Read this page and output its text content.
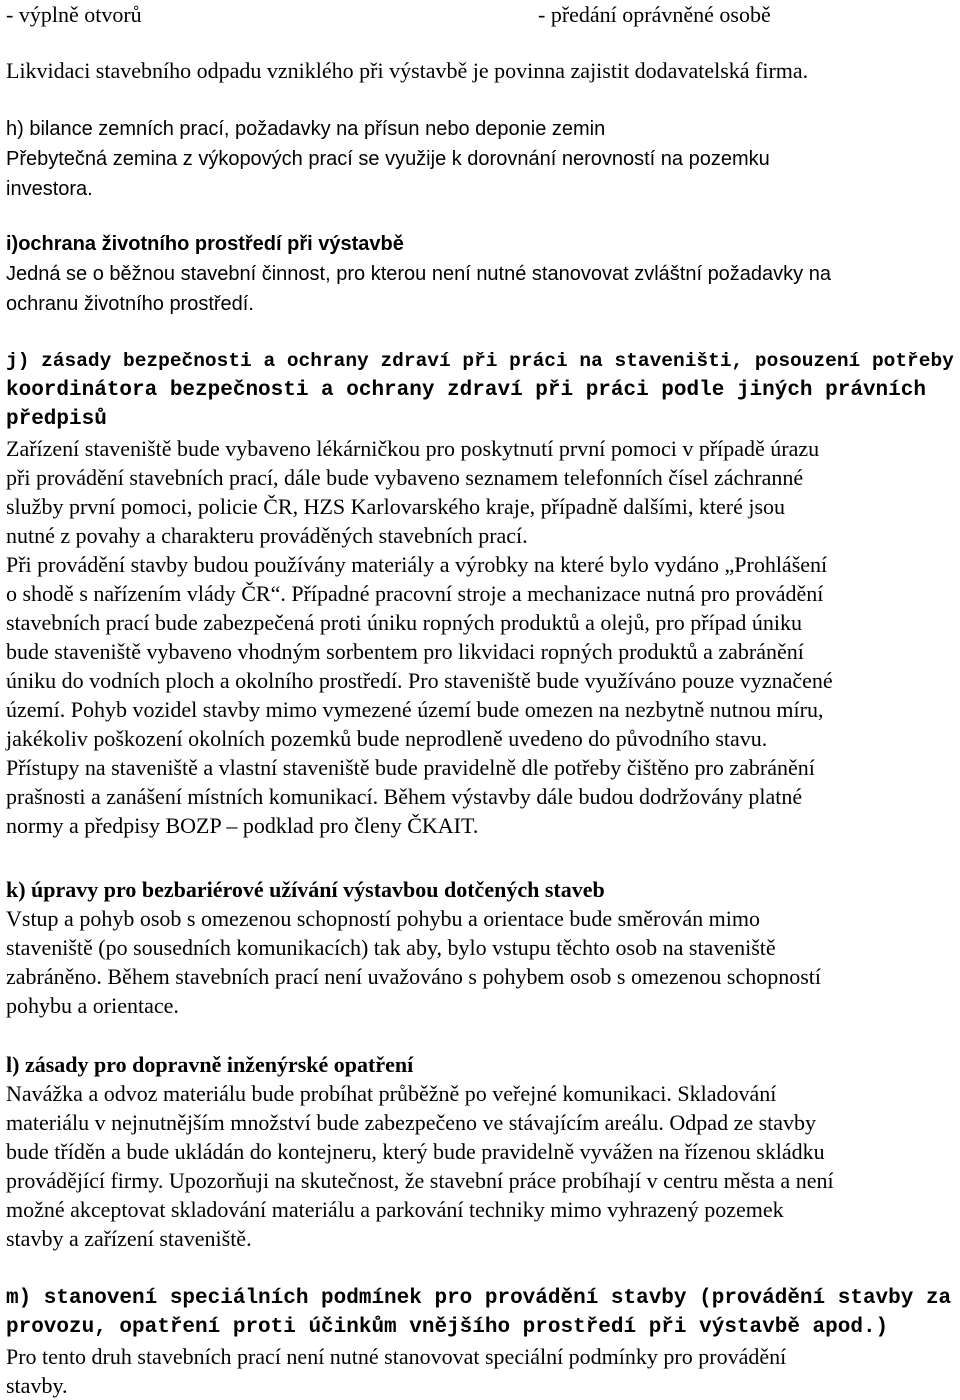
- výplně otvorů	- předání oprávněné osobě
Likvidaci stavebního odpadu vzniklého při výstavbě je povinna zajistit dodavatelská firma.
h) bilance zemních prací, požadavky na přísun nebo deponie zemin
Přebytečná zemina z výkopových prací se využije k dorovnání nerovností na pozemku
investora.
i)ochrana životního prostředí při výstavbě
Jedná se o běžnou stavební činnost, pro kterou není nutné stanovovat zvláštní požadavky na
ochranu životního prostředí.
j) zásady bezpečnosti a ochrany zdraví při práci na staveništi, posouzení potřeby
koordinátora bezpečnosti a ochrany zdraví při práci podle jiných právních
předpisů
Zařízení staveniště bude vybaveno lékárničkou pro poskytnutí první pomoci v případě úrazu
při provádění stavebních prací, dále bude vybaveno seznamem telefonních čísel záchranné
služby první pomoci, policie ČR, HZS Karlovarského kraje, případně dalšími, které jsou
nutné z povahy a charakteru prováděných stavebních prací.
Při provádění stavby budou používány materiály a výrobky na které bylo vydáno „Prohlášení
o shodě s nařízením vlády ČR“. Případné pracovní stroje a mechanizace nutná pro provádění
stavebních prací bude zabezpečená proti úniku ropných produktů a olejů, pro případ úniku
bude staveniště vybaveno vhodným sorbentem pro likvidaci ropných produktů a zabránění
úniku do vodních ploch a okolního prostředí. Pro staveniště bude využíváno pouze vyznačené
území. Pohyb vozidel stavby mimo vymezené území bude omezen na nezbytně nutnou míru,
jakékoliv poškození okolních pozemků bude neprodleně uvedeno do původního stavu.
Přístupy na staveniště a vlastní staveniště bude pravidelně dle potřeby čištěno pro zabránění
prašnosti a zanášení místních komunikací. Během výstavby dále budou dodržovány platné
normy a předpisy BOZP – podklad pro členy ČKAIT.
k) úpravy pro bezbariérové užívání výstavbou dotčených staveb
Vstup a pohyb osob s omezenou schopností pohybu a orientace bude směrován mimo
staveniště (po sousedních komunikacích) tak aby, bylo vstupu těchto osob na staveniště
zabráněno. Během stavebních prací není uvažováno s pohybem osob s omezenou schopností
pohybu a orientace.
l) zásady pro dopravně inženýrské opatření
Navážka a odvoz materiálu bude probíhat průběžně po veřejné komunikaci. Skladování
materiálu v nejnutnějším množství bude zabezpečeno ve stávajícím areálu. Odpad ze stavby
bude tříděn a bude ukládán do kontejneru, který bude pravidelně vyvážen na řízenou skládku
provádějící firmy. Upozorňuji na skutečnost, že stavební práce probíhají v centru města a není
možné akceptovat skladování materiálu a parkování techniky mimo vyhrazený pozemek
stavby a zařízení staveniště.
m) stanovení speciálních podmínek pro provádění stavby (provádění stavby za
provozu, opatření proti účinkům vnějšího prostředí při výstavbě apod.)
Pro tento druh stavebních prací není nutné stanovovat speciální podmínky pro provádění
stavby.
